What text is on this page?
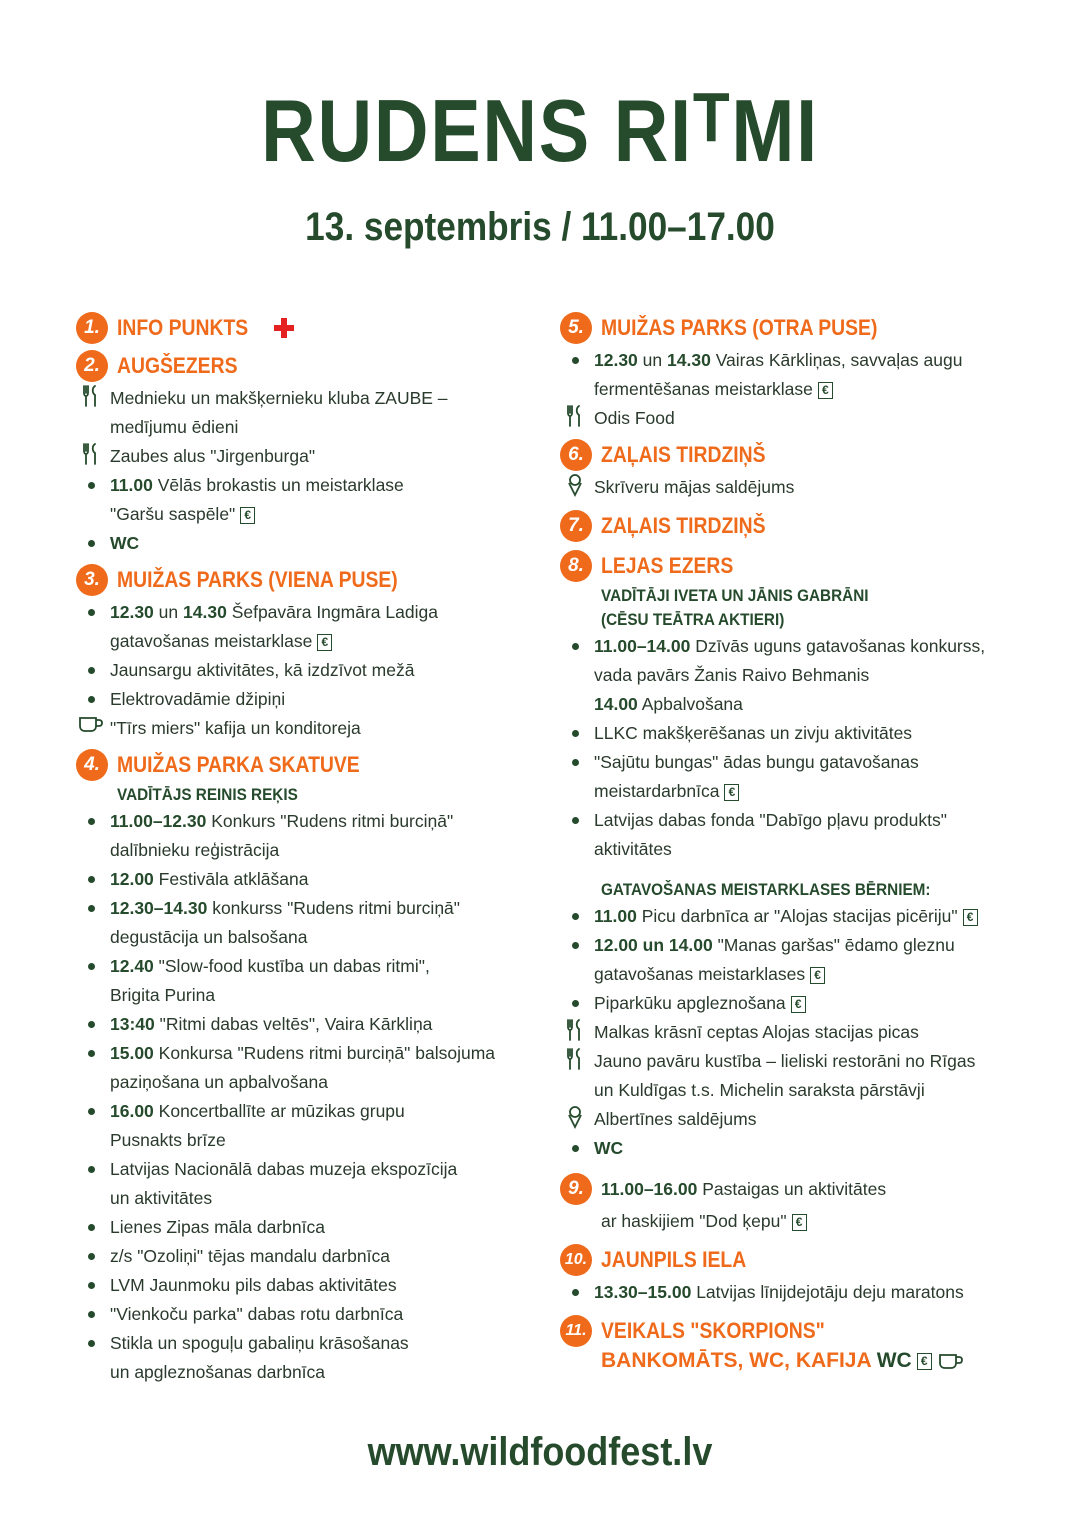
RUDENS $RI^TMI$
13. septembris / 11.00–17.00
1. INFO PUNKTS
2. AUGŠEZERS
Mednieku un makšķernieku kluba ZAUBE –
medījumu ēdieni
Zaubes alus "Jirgenburga"
11.00 Vēlās brokastis un meistarklase
"Garšu saspēle" €
WC
3. MUIŽAS PARKS (VIENA PUSE)
12.30 un 14.30 Šefpavāra Ingmāra Ladiga
gatavošanas meistarklase €
Jaunsargu aktivitātes, kā izdzīvot mežā
Elektrovadāmie džipiņi
"Tīrs miers" kafija un konditoreja
4. MUIŽAS PARKA SKATUVE
VADĪTĀJS REINIS REĶIS
11.00–12.30 Konkurs "Rudens ritmi burciņā"
dalībnieku reģistrācija
12.00 Festivāla atklāšana
12.30–14.30 konkurss "Rudens ritmi burciņā"
degustācija un balsošana
12.40 "Slow-food kustība un dabas ritmi",
Brigita Purina
13:40 "Ritmi dabas veltēs", Vaira Kārkliņa
15.00 Konkursa "Rudens ritmi burciņā" balsojuma
paziņošana un apbalvošana
16.00 Koncertballīte ar mūzikas grupu
Pusnakts brīze
Latvijas Nacionālā dabas muzeja ekspozīcija
un aktivitātes
Lienes Zipas māla darbnīca
z/s "Ozoliņi" tējas mandalu darbnīca
LVM Jaunmoku pils dabas aktivitātes
"Vienkoču parka" dabas rotu darbnīca
Stikla un spoguļu gabaliņu krāsošanas
un apgleznošanas darbnīca
5. MUIŽAS PARKS (OTRA PUSE)
12.30 un 14.30 Vairas Kārkliņas, savvaļas augu
fermentēšanas meistarklase €
Odis Food
6. ZAĻAIS TIRDZIŅŠ
Skrīveru mājas saldējums
7. ZAĻAIS TIRDZIŅŠ
8. LEJAS EZERS
VADĪTĀJI IVETA UN JĀNIS GABRĀNI
(CĒSU TEĀTRA AKTIERI)
11.00–14.00 Dzīvās uguns gatavošanas konkurss,
vada pavārs Žanis Raivo Behmanis
14.00 Apbalvošana
LLKC makšķerēšanas un zivju aktivitātes
"Sajūtu bungas" ādas bungu gatavošanas
meistardarbnīca €
Latvijas dabas fonda "Dabīgo pļavu produkts"
aktivitātes
GATAVOŠANAS MEISTARKLASES BĒRNIEM:
11.00 Picu darbnīca ar "Alojas stacijas picēriju" €
12.00 un 14.00 "Manas garšas" ēdamo gleznu
gatavošanas meistarklases €
Piparkūku apgleznošana €
Malkas krāsnī ceptas Alojas stacijas picas
Jauno pavāru kustība – lieliski restorāni no Rīgas
un Kuldīgas t.s. Michelin saraksta pārstāvji
Albertīnes saldējums
WC
9. 11.00–16.00 Pastaigas un aktivitātes
ar haskijiem "Dod ķepu" €
10. JAUNPILS IELA
13.30–15.00 Latvijas līnijdejotāju deju maratons
11. VEIKALS "SKORPIONS"
BANKOMĀTS, WC, KAFIJA WC €
www.wildfoodfest.lv
